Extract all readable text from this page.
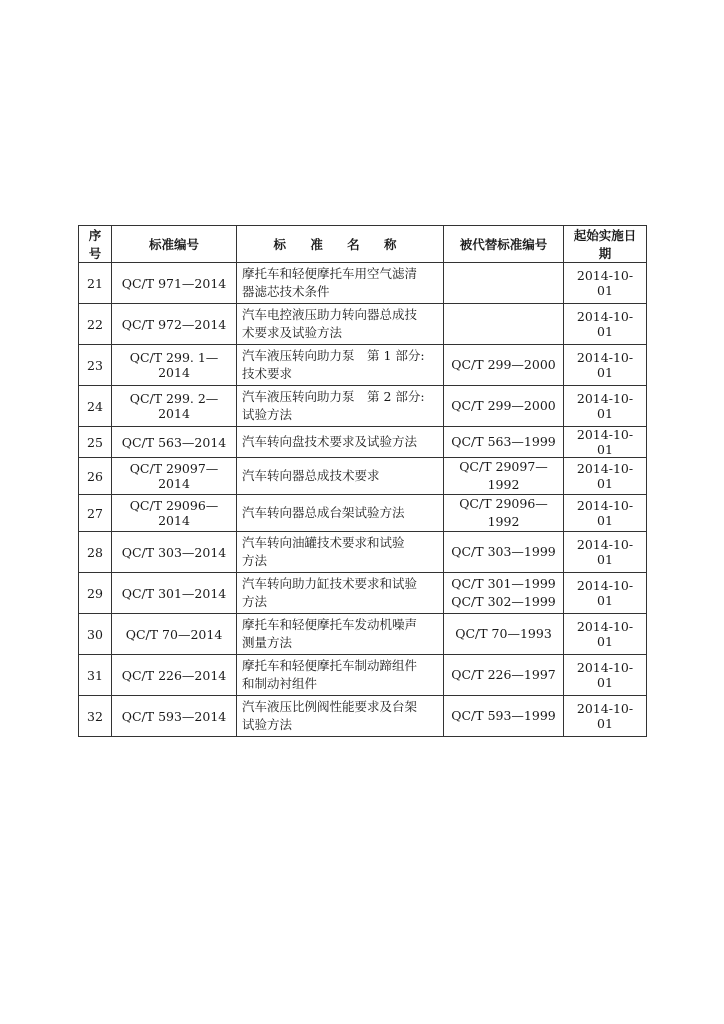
序号	标准编号	标 准 名 称	被代替标准编号	起始实施日期
21	QC/T 971—2014	摩托车和轻便摩托车用空气滤清
器滤芯技术条件		2014-10-01
22	QC/T 972—2014	汽车电控液压助力转向器总成技
术要求及试验方法		2014-10-01
23	QC/T 299. 1—2014	汽车液压转向助力泵　第 1 部分:
技术要求	QC/T 299—2000	2014-10-01
24	QC/T 299. 2—2014	汽车液压转向助力泵　第 2 部分:
试验方法	QC/T 299—2000	2014-10-01
25	QC/T 563—2014	汽车转向盘技术要求及试验方法	QC/T 563—1999	2014-10-01
26	QC/T 29097—2014	汽车转向器总成技术要求	QC/T 29097—1992	2014-10-01
27	QC/T 29096—2014	汽车转向器总成台架试验方法	QC/T 29096—1992	2014-10-01
28	QC/T 303—2014	汽车转向油罐技术要求和试验
方法	QC/T 303—1999	2014-10-01
29	QC/T 301—2014	汽车转向助力缸技术要求和试验
方法	QC/T 301—1999
QC/T 302—1999	2014-10-01
30	QC/T 70—2014	摩托车和轻便摩托车发动机噪声
测量方法	QC/T 70—1993	2014-10-01
31	QC/T 226—2014	摩托车和轻便摩托车制动蹄组件
和制动衬组件	QC/T 226—1997	2014-10-01
32	QC/T 593—2014	汽车液压比例阀性能要求及台架
试验方法	QC/T 593—1999	2014-10-01
